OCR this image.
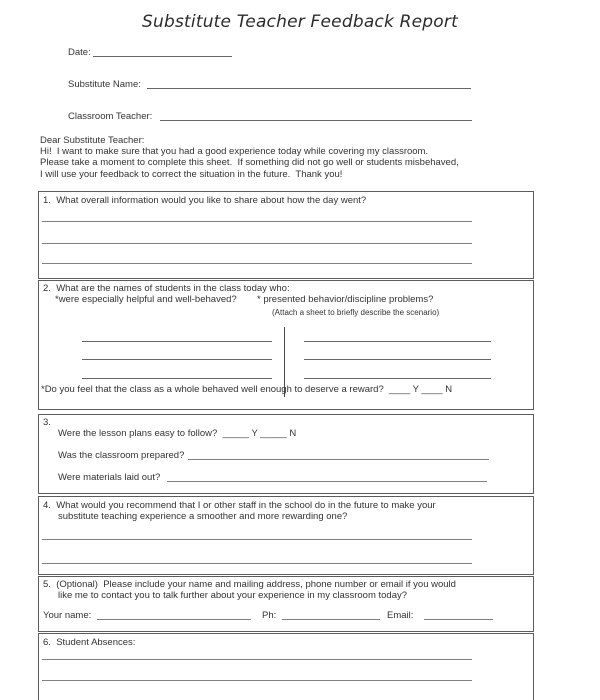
Substitute Teacher Feedback Report
Date:
Substitute Name:
Classroom Teacher:

Dear Substitute Teacher:

Hi!  I want to make sure that you had a good experience today while covering my classroom.

Please take a moment to complete this sheet.  If something did not go well or students misbehaved,

I will use your feedback to correct the situation in the future.  Thank you!

1.  What overall information would you like to share about how the day went?
2.  What are the names of students in the class today who:
*were especially helpful and well-behaved? * presented behavior/discipline problems?
(Attach a sheet to briefly describe the scenario)
*Do you feel that the class as a whole behaved well enough to deserve a reward?  ____ Y ____ N
3.
Were the lesson plans easy to follow?  _____ Y _____ N
Was the classroom prepared?
Were materials laid out?
4.  What would you recommend that I or other staff in the school do in the future to make your
substitute teaching experience a smoother and more rewarding one?
5.  (Optional)  Please include your name and mailing address, phone number or email if you would
like me to contact you to talk further about your experience in my classroom today?
Your name:	Ph:	Email:
6.  Student Absences:
